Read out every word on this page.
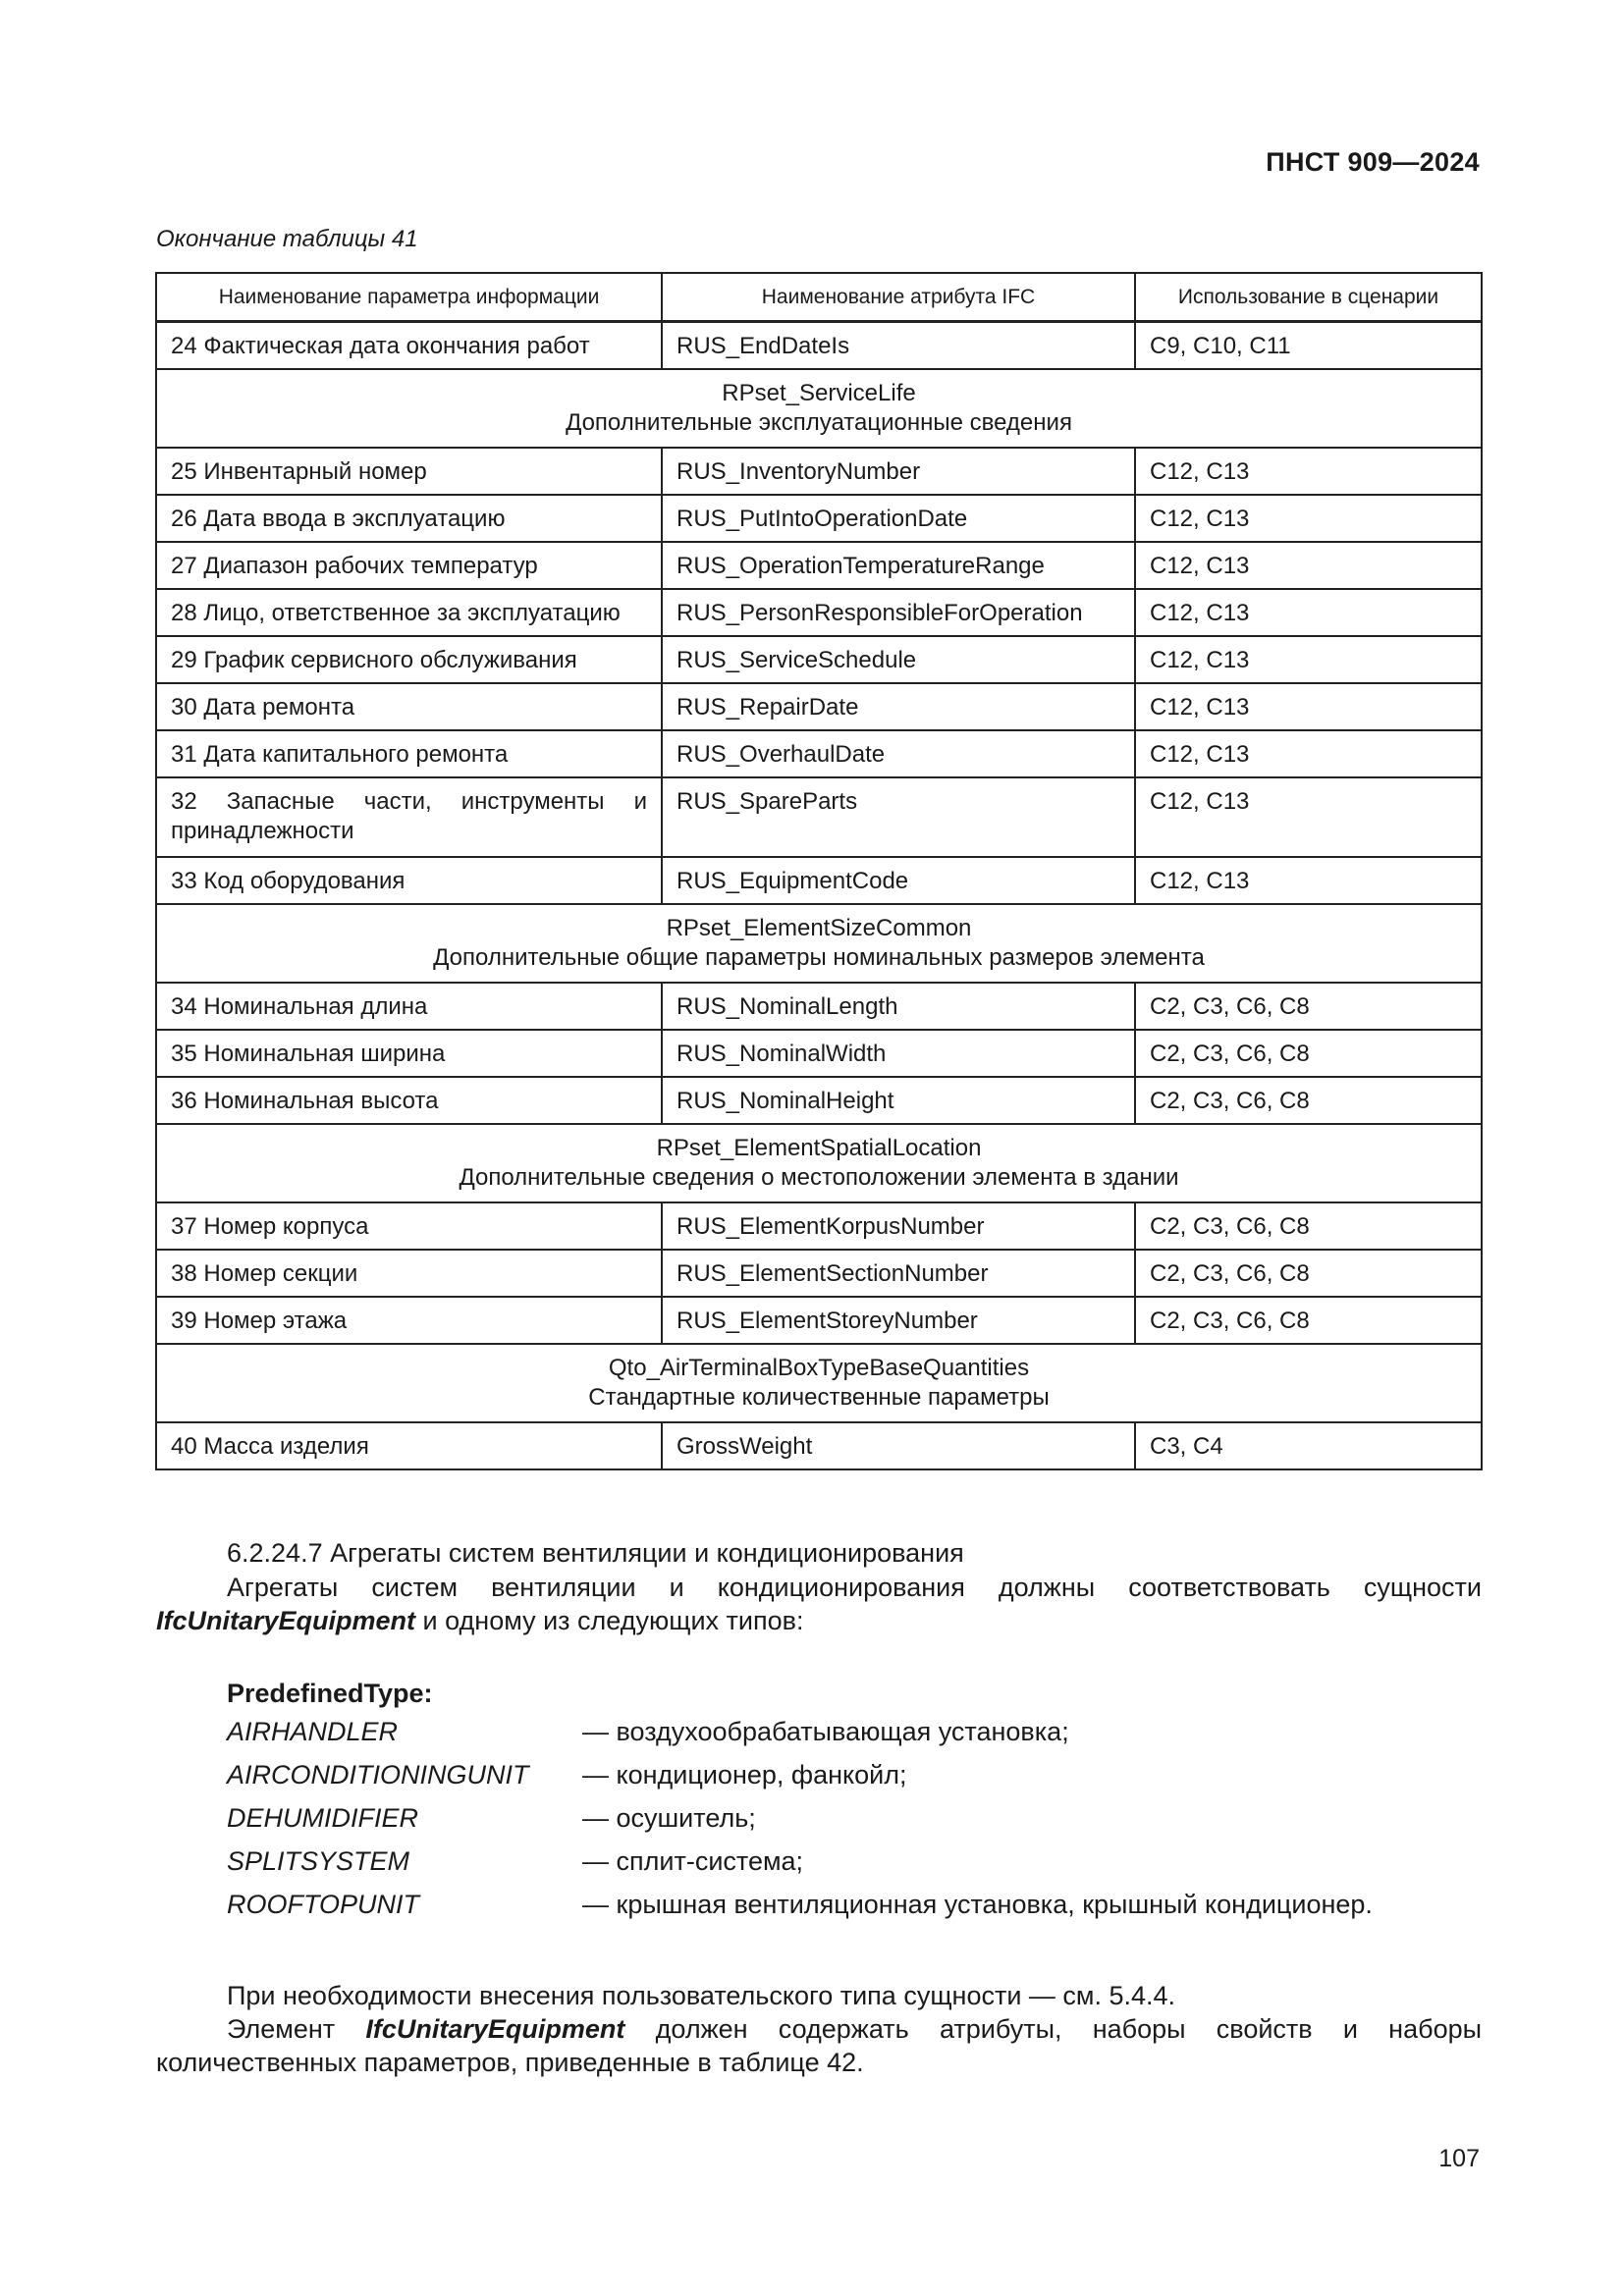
ПНСТ 909—2024
Окончание таблицы 41
Наименование параметра информации	Наименование атрибута IFC	Использование в сценарии
24 Фактическая дата окончания работ	RUS_EndDateIs	C9, C10, C11

RPset_ServiceLife
Дополнительные эксплуатационные сведения		

25 Инвентарный номер	RUS_InventoryNumber	C12, C13
26 Дата ввода в эксплуатацию	RUS_PutIntoOperationDate	C12, C13
27 Диапазон рабочих температур	RUS_OperationTemperatureRange	C12, C13
28 Лицо, ответственное за эксплуатацию	RUS_PersonResponsibleForOperation	C12, C13
29 График сервисного обслуживания	RUS_ServiceSchedule	C12, C13
30 Дата ремонта	RUS_RepairDate	C12, C13
31 Дата капитального ремонта	RUS_OverhaulDate	C12, C13
32 Запасные части, инструменты и принадлежности	RUS_SpareParts	C12, C13
33 Код оборудования	RUS_EquipmentCode	C12, C13

RPset_ElementSizeCommon
Дополнительные общие параметры номинальных размеров элемента		

34 Номинальная длина	RUS_NominalLength	C2, C3, C6, C8
35 Номинальная ширина	RUS_NominalWidth	C2, C3, C6, C8
36 Номинальная высота	RUS_NominalHeight	C2, C3, C6, C8

RPset_ElementSpatialLocation
Дополнительные сведения о местоположении элемента в здании		

37 Номер корпуса	RUS_ElementKorpusNumber	C2, C3, C6, C8
38 Номер секции	RUS_ElementSectionNumber	C2, C3, C6, C8
39 Номер этажа	RUS_ElementStoreyNumber	C2, C3, C6, C8

Qto_AirTerminalBoxTypeBaseQuantities
Стандартные количественные параметры		

40 Масса изделия	GrossWeight	C3, C4
6.2.24.7 Агрегаты систем вентиляции и кондиционирования

Агрегаты систем вентиляции и кондиционирования должны соответствовать сущности IfcUnitaryEquipment и одному из следующих типов:

PredefinedType:
AIRHANDLER	— воздухообрабатывающая установка;
AIRCONDITIONINGUNIT — кондиционер, фанкойл;
DEHUMIDIFIER	— осушитель;
SPLITSYSTEM	— сплит-система;
ROOFTOPUNIT	— крышная вентиляционная установка, крышный кондиционер.

При необходимости внесения пользовательского типа сущности — см. 5.4.4.

Элемент IfcUnitaryEquipment должен содержать атрибуты, наборы свойств и наборы количественных параметров, приведенные в таблице 42.

107
